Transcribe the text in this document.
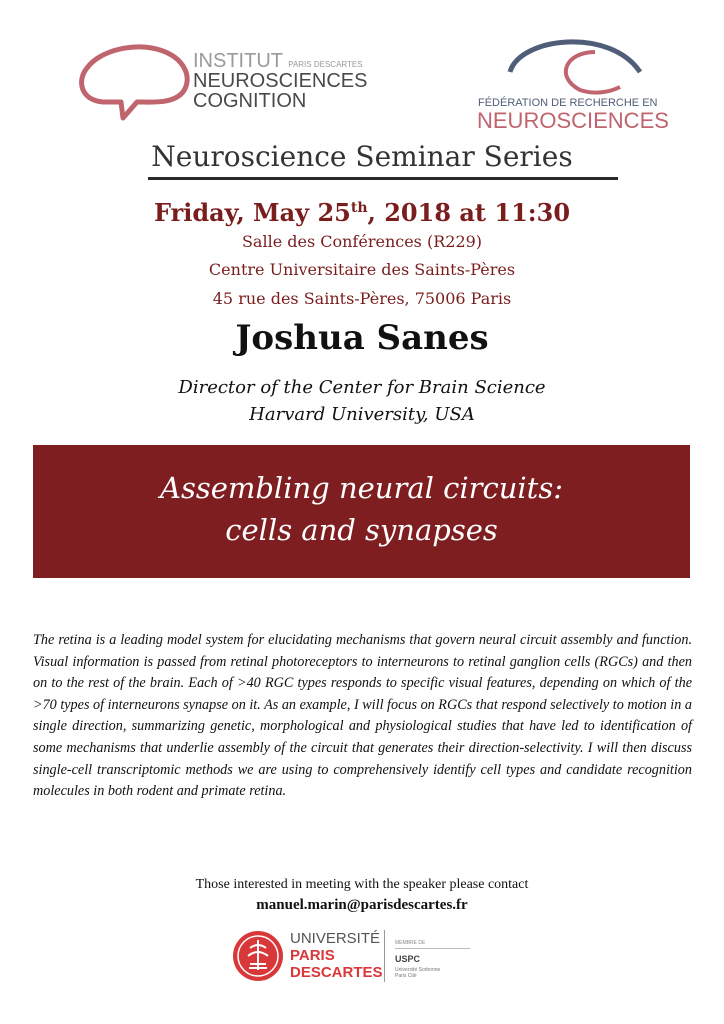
INSTITUT PARIS DESCARTES
NEUROSCIENCES
COGNITION	FÉDÉRATION DE RECHERCHE EN
NEUROSCIENCES
Neuroscience Seminar Series
Friday, May 25th, 2018 at 11:30
Salle des Conférences (R229)
Centre Universitaire des Saints-Pères
45 rue des Saints-Pères, 75006 Paris
Joshua Sanes
Director of the Center for Brain Science
Harvard University, USA
Assembling neural circuits:
cells and synapses
The retina is a leading model system for elucidating mechanisms that govern neural circuit assembly and function. Visual information is passed from retinal photoreceptors to interneurons to retinal ganglion cells (RGCs) and then on to the rest of the brain. Each of >40 RGC types responds to specific visual features, depending on which of the >70 types of interneurons synapse on it. As an example, I will focus on RGCs that respond selectively to motion in a single direction, summarizing genetic, morphological and physiological studies that have led to identification of some mechanisms that underlie assembly of the circuit that generates their direction-selectivity. I will then discuss single-cell transcriptomic methods we are using to comprehensively identify cell types and candidate recognition molecules in both rodent and primate retina.
Those interested in meeting with the speaker please contact
manuel.marin@parisdescartes.fr
UNIVERSITÉ
PARIS
DESCARTES
MEMBRE DE
USPC
Université Sorbonne
Paris Cité
